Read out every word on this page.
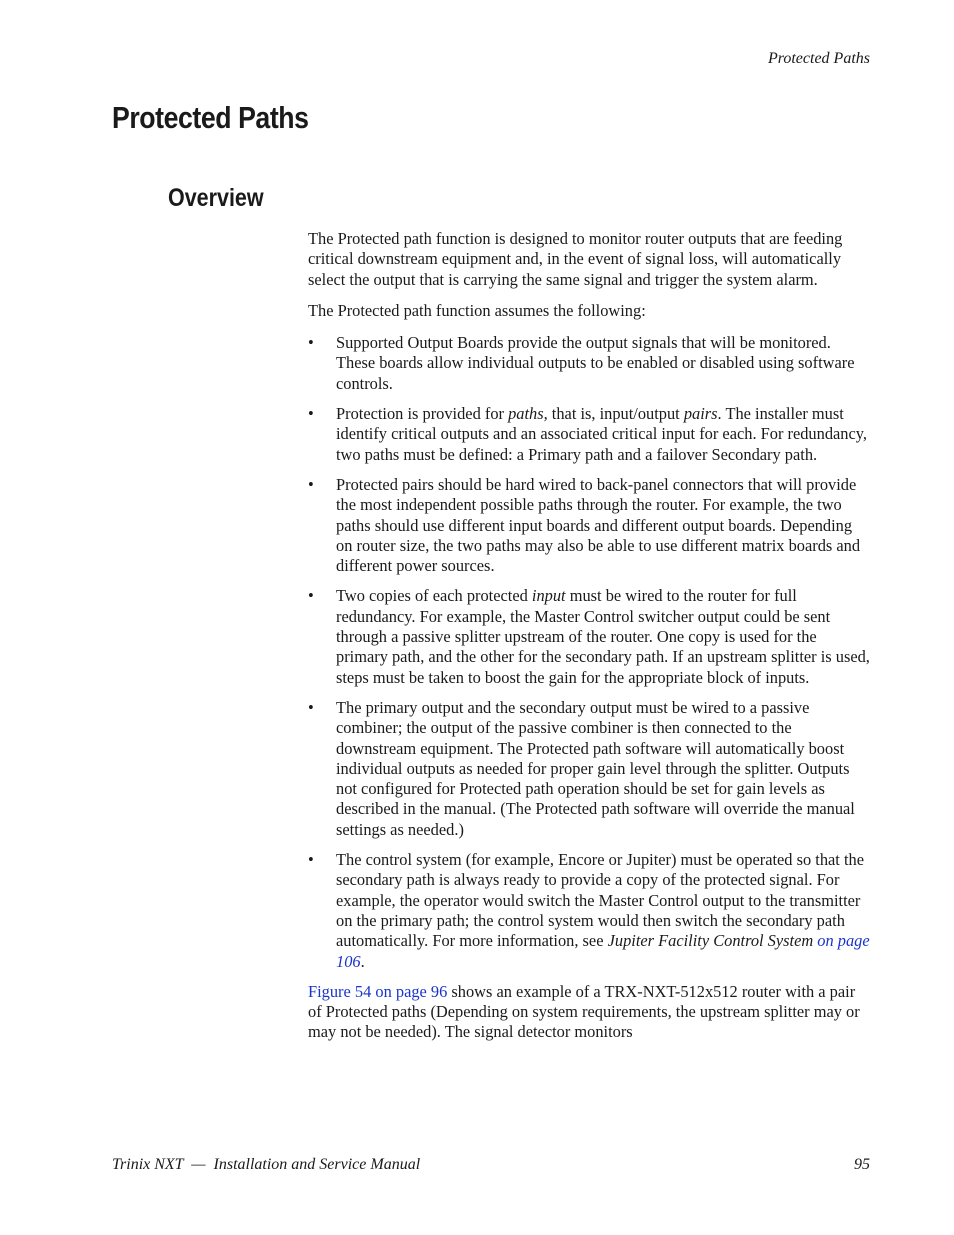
Protected Paths
Protected Paths
Overview

The Protected path function is designed to monitor router outputs that are feeding critical downstream equipment and, in the event of signal loss, will automatically select the output that is carrying the same signal and trigger the system alarm.

The Protected path function assumes the following:

• Supported Output Boards provide the output signals that will be monitored. These boards allow individual outputs to be enabled or disabled using software controls.
• Protection is provided for paths, that is, input/output pairs. The installer must identify critical outputs and an associated critical input for each. For redundancy, two paths must be defined: a Primary path and a failover Secondary path.
• Protected pairs should be hard wired to back-panel connectors that will provide the most independent possible paths through the router. For example, the two paths should use different input boards and different output boards. Depending on router size, the two paths may also be able to use different matrix boards and different power sources.
• Two copies of each protected input must be wired to the router for full redundancy. For example, the Master Control switcher output could be sent through a passive splitter upstream of the router. One copy is used for the primary path, and the other for the secondary path. If an upstream splitter is used, steps must be taken to boost the gain for the appropriate block of inputs.
• The primary output and the secondary output must be wired to a passive combiner; the output of the passive combiner is then connected to the downstream equipment. The Protected path software will automatically boost individual outputs as needed for proper gain level through the splitter. Outputs not configured for Protected path operation should be set for gain levels as described in the manual. (The Protected path software will override the manual settings as needed.)
• The control system (for example, Encore or Jupiter) must be operated so that the secondary path is always ready to provide a copy of the protected signal. For example, the operator would switch the Master Control output to the transmitter on the primary path; the control system would then switch the secondary path automatically. For more information, see Jupiter Facility Control System on page 106.

Figure 54 on page 96 shows an example of a TRX-NXT-512x512 router with a pair of Protected paths (Depending on system requirements, the upstream splitter may or may not be needed). The signal detector monitors

Trinix NXT  —  Installation and Service Manual	95
